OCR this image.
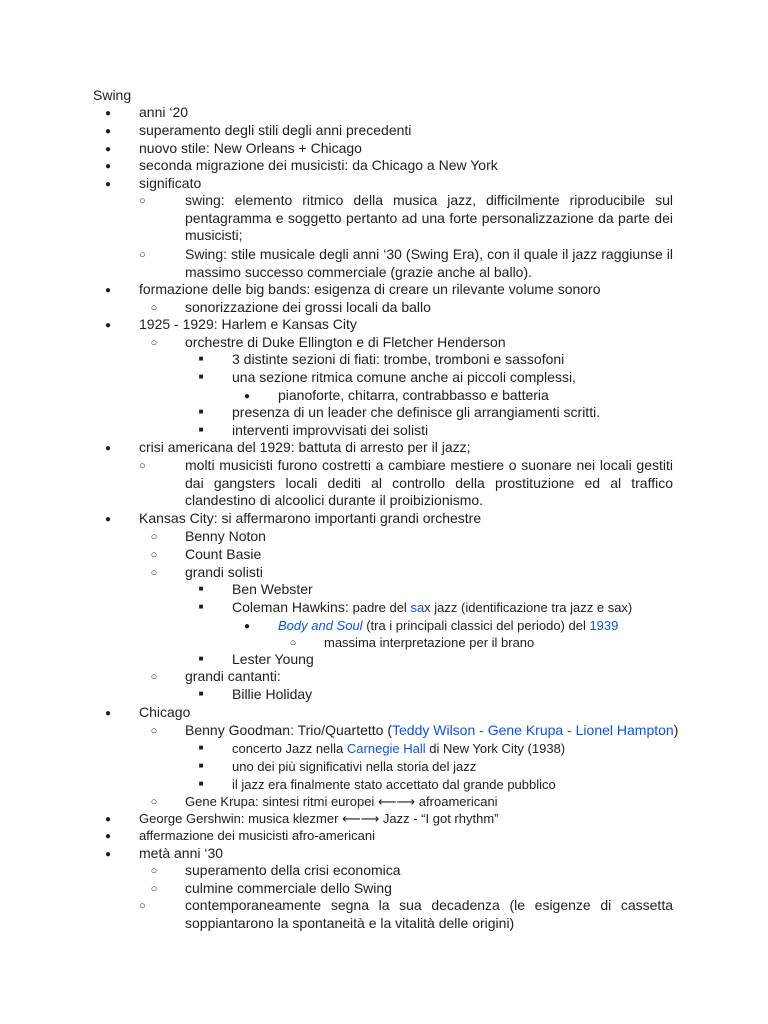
Swing
●
anni ‘20
●
superamento degli stili degli anni precedenti
●
nuovo stile: New Orleans + Chicago
●
seconda migrazione dei musicisti: da Chicago a New York
●
significato
○
swing: elemento ritmico della musica jazz, difficilmente riproducibile sul pentagramma e soggetto pertanto ad una forte personalizzazione da parte dei musicisti;
○
Swing: stile musicale degli anni ‘30 (Swing Era), con il quale il jazz raggiunse il massimo successo commerciale (grazie anche al ballo).
●
formazione delle big bands: esigenza di creare un rilevante volume sonoro
○
sonorizzazione dei grossi locali da ballo
●
1925 - 1929: Harlem e Kansas City
○
orchestre di Duke Ellington e di Fletcher Henderson
■
3 distinte sezioni di fiati: trombe, tromboni e sassofoni
■
una sezione ritmica comune anche ai piccoli complessi,
●
pianoforte, chitarra, contrabbasso e batteria
■
presenza di un leader che definisce gli arrangiamenti scritti.
■
interventi improvvisati dei solisti
●
crisi americana del 1929: battuta di arresto per il jazz;
○
molti musicisti furono costretti a cambiare mestiere o suonare nei locali gestiti dai gangsters locali dediti al controllo della prostituzione ed al traffico clandestino di alcoolici durante il proibizionismo.
●
Kansas City: si affermarono importanti grandi orchestre
○
Benny Noton
○
Count Basie
○
grandi solisti
■
Ben Webster
■
Coleman Hawkins: padre del sax jazz (identificazione tra jazz e sax)
●
Body and Soul (tra i principali classici del periodo) del 1939
○
massima interpretazione per il brano
■
Lester Young
○
grandi cantanti:
■
Billie Holiday
●
Chicago
○
Benny Goodman: Trio/Quartetto (Teddy Wilson - Gene Krupa - Lionel Hampton)
■
concerto Jazz nella Carnegie Hall di New York City (1938)
■
uno dei più significativi nella storia del jazz
■
il jazz era finalmente stato accettato dal grande pubblico
○
Gene Krupa: sintesi ritmi europei ⟵⟶ afroamericani
●
George Gershwin: musica klezmer ⟵⟶ Jazz - “I got rhythm”
●
affermazione dei musicisti afro-americani
●
metà anni ‘30
○
superamento della crisi economica
○
culmine commerciale dello Swing
○
contemporaneamente segna la sua decadenza (le esigenze di cassetta soppiantarono la spontaneità e la vitalità delle origini)
